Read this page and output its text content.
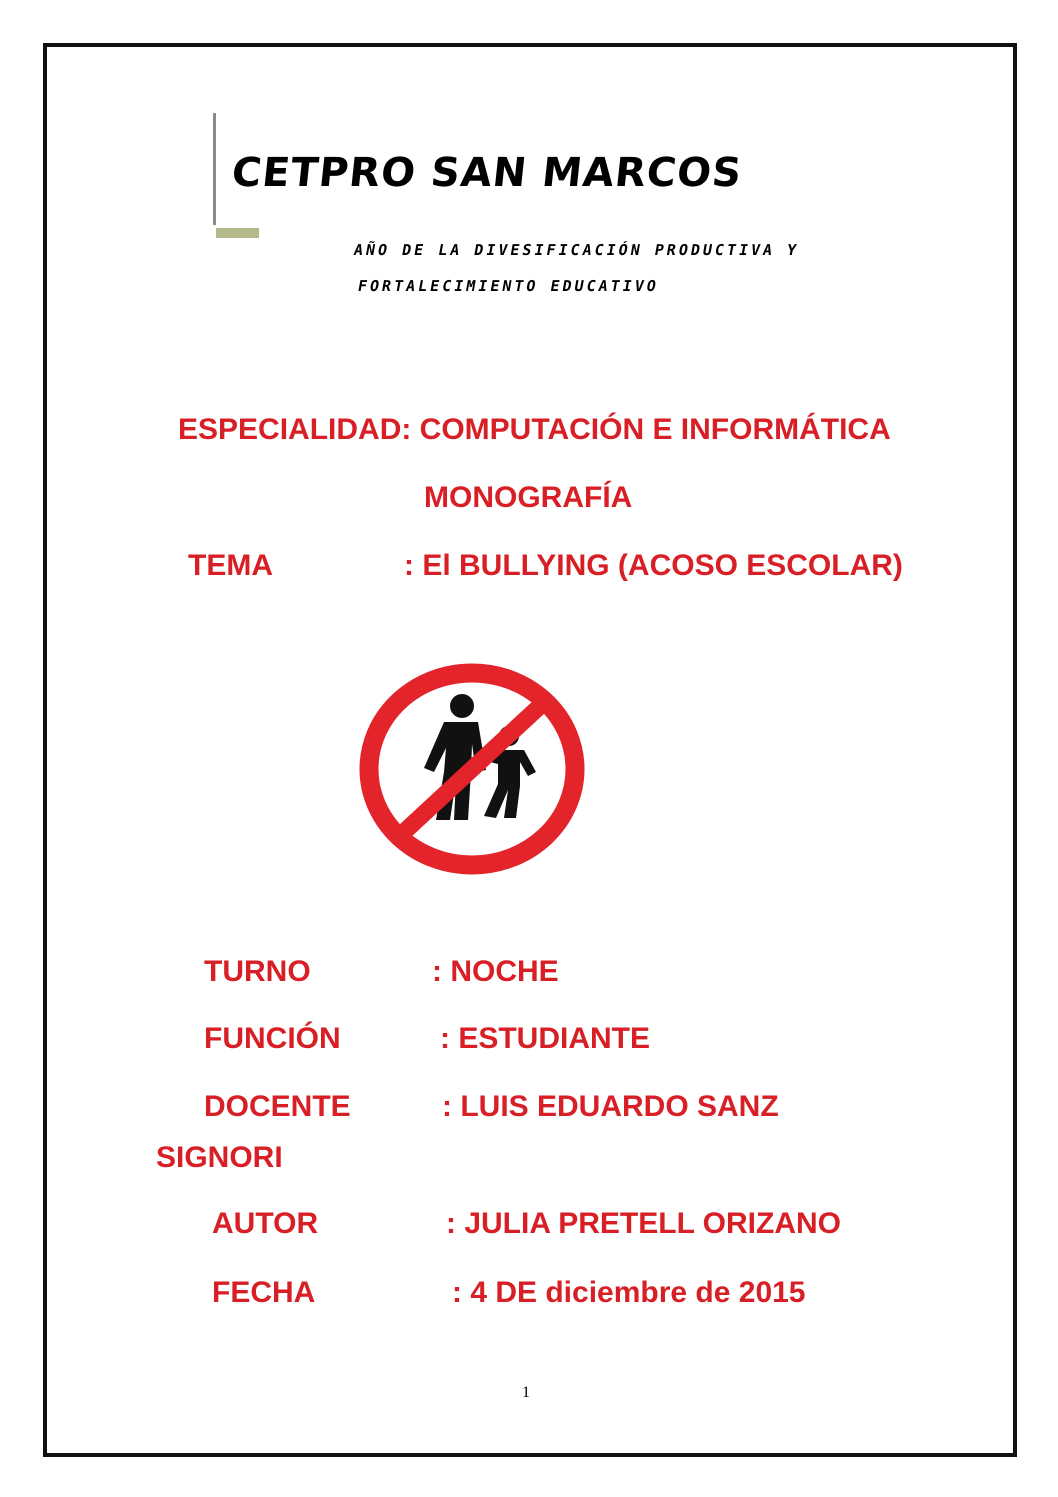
CETPRO SAN MARCOS
AÑO DE LA DIVESIFICACIÓN PRODUCTIVA Y
FORTALECIMIENTO EDUCATIVO
ESPECIALIDAD: COMPUTACIÓN E INFORMÁTICA
MONOGRAFÍA
TEMA	: El BULLYING (ACOSO ESCOLAR)
TURNO	: NOCHE
FUNCIÓN	: ESTUDIANTE
DOCENTE	: LUIS EDUARDO SANZ
SIGNORI
AUTOR	: JULIA PRETELL ORIZANO
FECHA	: 4 DE diciembre de 2015
1
